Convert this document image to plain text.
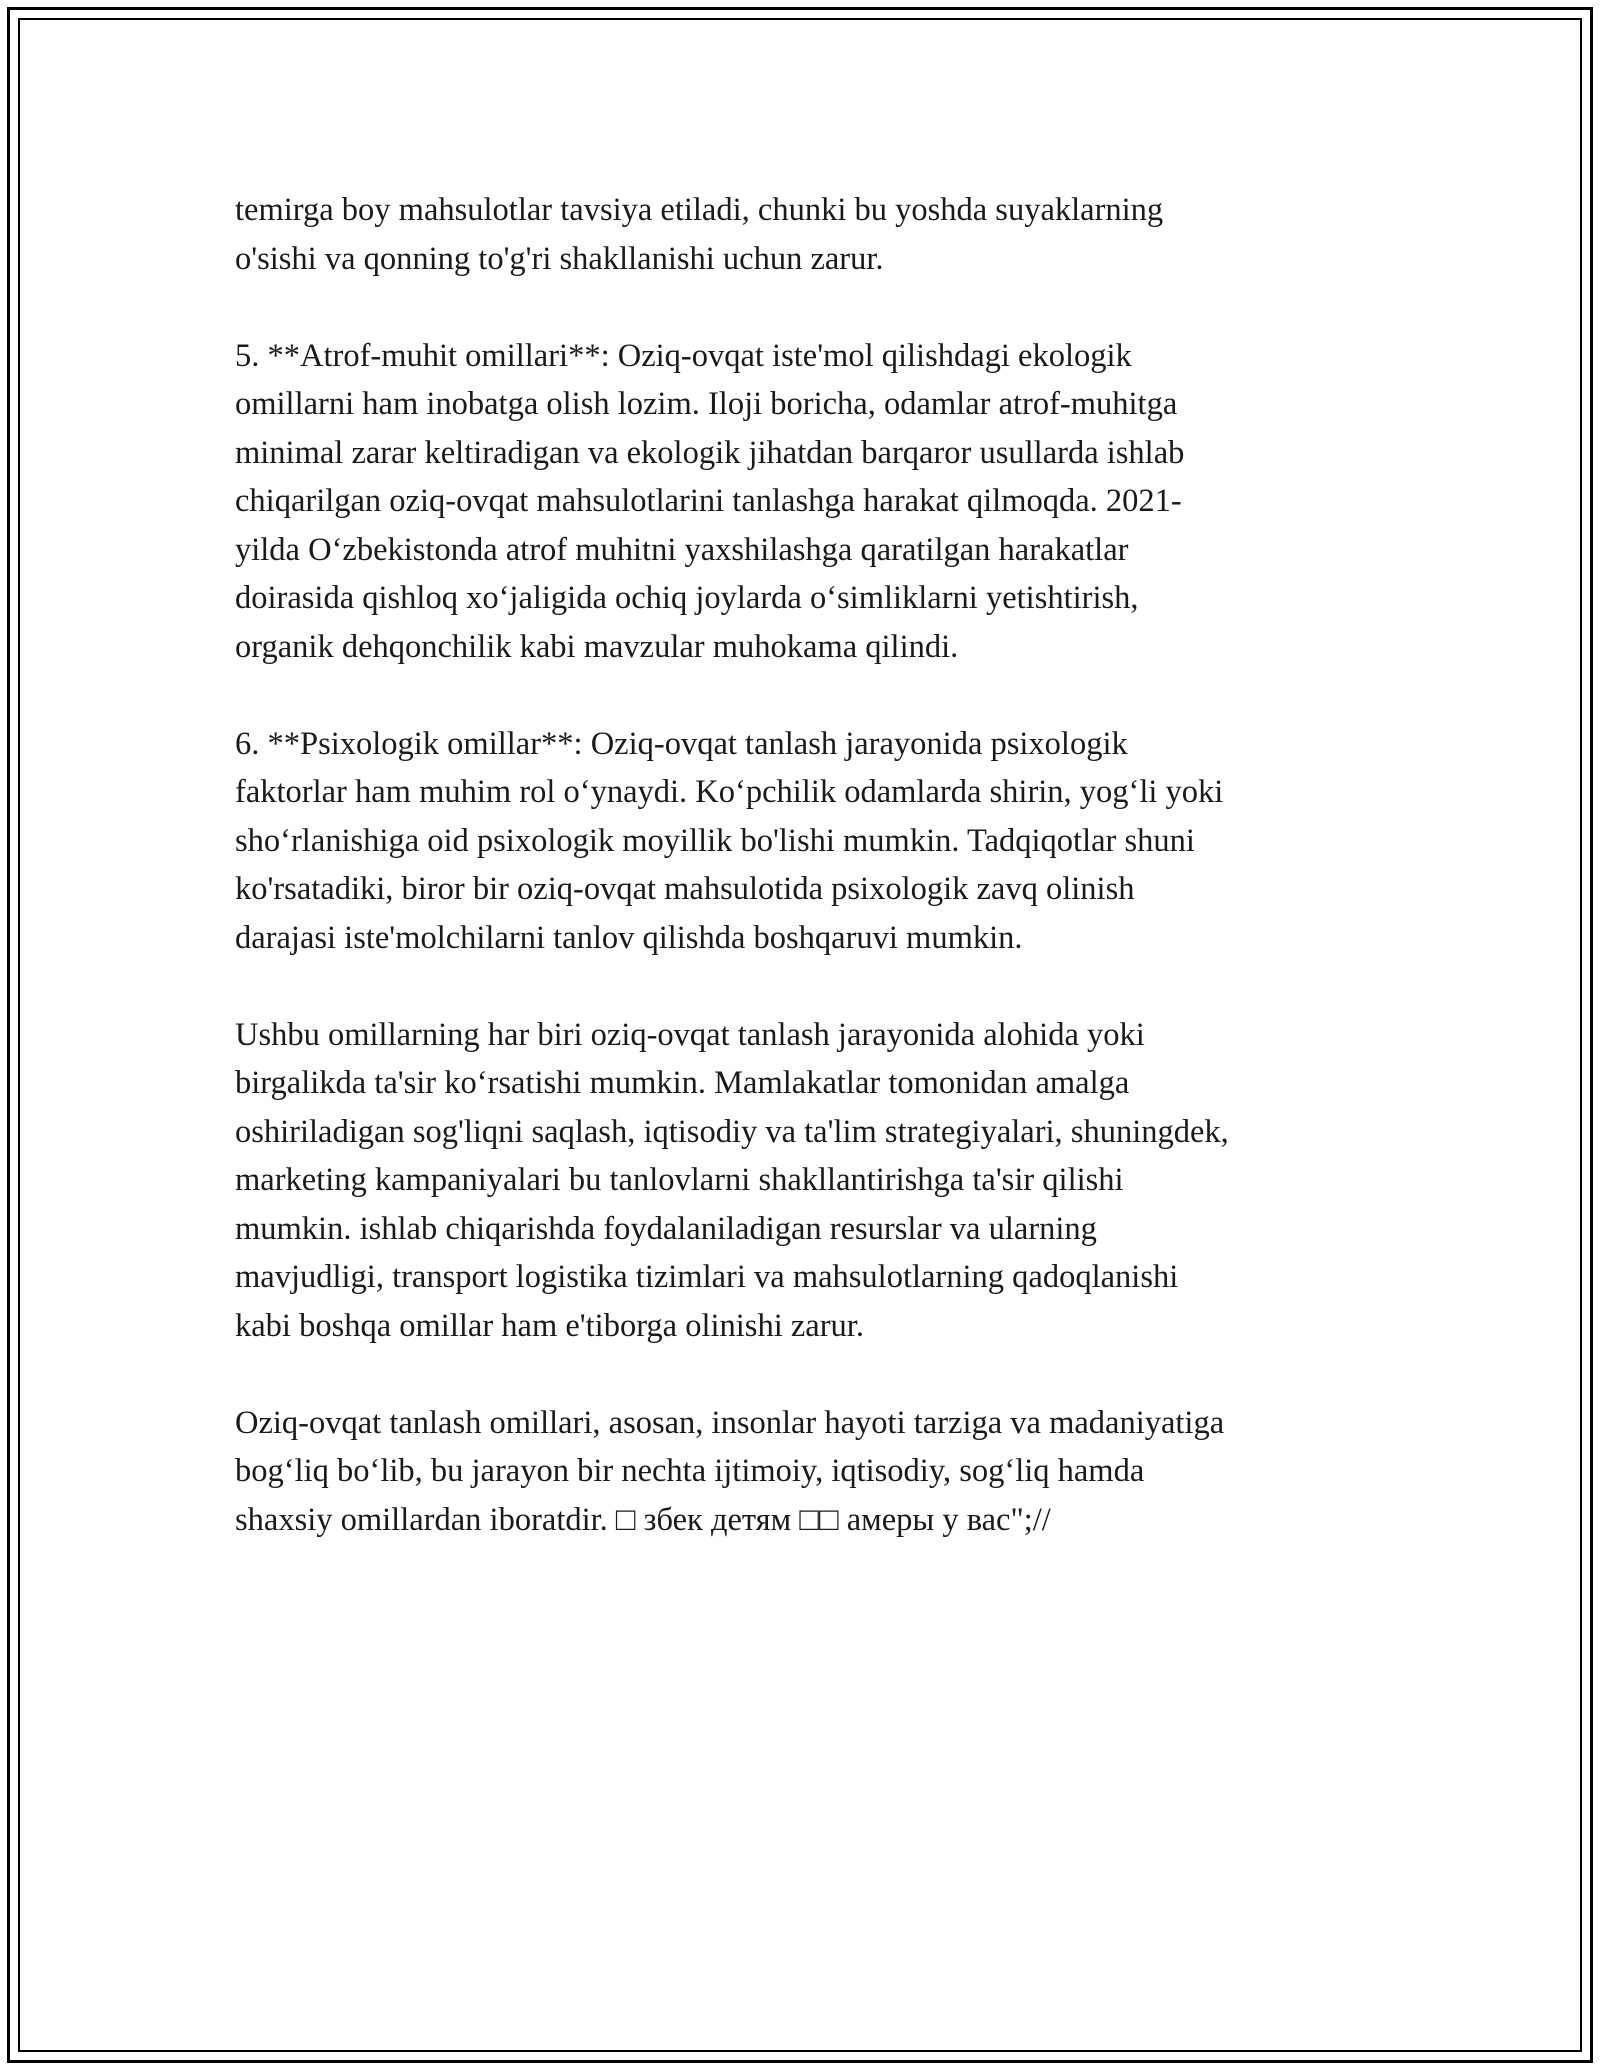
temirga boy mahsulotlar tavsiya etiladi, chunki bu yoshda suyaklarning
o'sishi va qonning to'g'ri shakllanishi uchun zarur.

5. **Atrof-muhit omillari**: Oziq-ovqat iste'mol qilishdagi ekologik
omillarni ham inobatga olish lozim. Iloji boricha, odamlar atrof-muhitga
minimal zarar keltiradigan va ekologik jihatdan barqaror usullarda ishlab
chiqarilgan oziq-ovqat mahsulotlarini tanlashga harakat qilmoqda. 2021-
yilda O‘zbekistonda atrof muhitni yaxshilashga qaratilgan harakatlar
doirasida qishloq xo‘jaligida ochiq joylarda o‘simliklarni yetishtirish,
organik dehqonchilik kabi mavzular muhokama qilindi.

6. **Psixologik omillar**: Oziq-ovqat tanlash jarayonida psixologik
faktorlar ham muhim rol o‘ynaydi. Ko‘pchilik odamlarda shirin, yog‘li yoki
sho‘rlanishiga oid psixologik moyillik bo'lishi mumkin. Tadqiqotlar shuni
ko'rsatadiki, biror bir oziq-ovqat mahsulotida psixologik zavq olinish
darajasi iste'molchilarni tanlov qilishda boshqaruvi mumkin.

Ushbu omillarning har biri oziq-ovqat tanlash jarayonida alohida yoki
birgalikda ta'sir ko‘rsatishi mumkin. Mamlakatlar tomonidan amalga
oshiriladigan sog'liqni saqlash, iqtisodiy va ta'lim strategiyalari, shuningdek,
marketing kampaniyalari bu tanlovlarni shakllantirishga ta'sir qilishi
mumkin. ishlab chiqarishda foydalaniladigan resurslar va ularning
mavjudligi, transport logistika tizimlari va mahsulotlarning qadoqlanishi
kabi boshqa omillar ham e'tiborga olinishi zarur.

Oziq-ovqat tanlash omillari, asosan, insonlar hayoti tarziga va madaniyatiga
bog‘liq bo‘lib, bu jarayon bir nechta ijtimoiy, iqtisodiy, sog‘liq hamda
shaxsiy omillardan iboratdir. □ збек детям □□ амеры у вас";//
